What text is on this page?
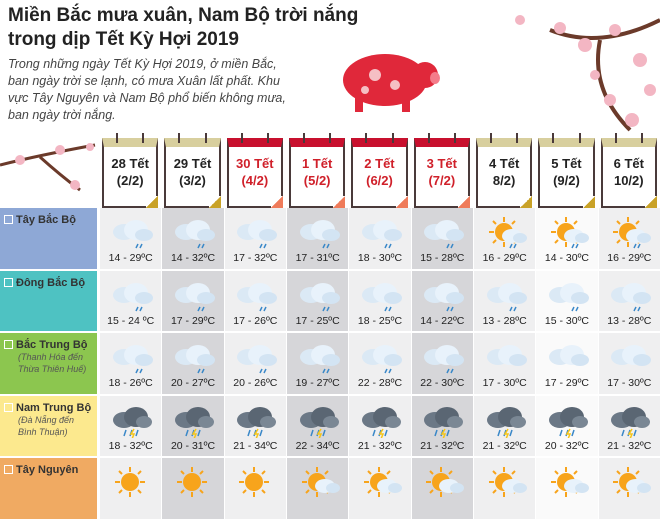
Miền Bắc mưa xuân, Nam Bộ trời nắng trong dịp Tết Kỳ Hợi 2019
Trong những ngày Tết Kỳ Hợi 2019, ở miền Bắc, ban ngày trời se lạnh, có mưa Xuân lất phất. Khu vực Tây Nguyên và Nam Bộ phổ biến không mưa, ban ngày trời nắng.
28 Tết
(2/2)
29 Tết
(3/2)
30 Tết
(4/2)
1 Tết
(5/2)
2 Tết
(6/2)
3 Tết
(7/2)
4 Tết
8/2)
5 Tết
(9/2)
6 Tết
10/2)
Tây Bắc Bộ
14 - 29ºC	14 - 32ºC	17 - 32ºC	17 - 31ºC	18 - 30ºC	15 - 28ºC	16 - 29ºC	14 - 30ºC	16 - 29ºC
Đông Bắc Bộ
15 - 24 ºC	17 - 29ºC	17 - 26ºC	17 - 25ºC	18 - 25ºC	14 - 22ºC	13 - 28ºC	15 - 30ºC	13 - 28ºC
Bắc Trung Bộ
(Thanh Hóa đến Thừa Thiên Huế)
18 - 26ºC	20 - 27ºC	20 - 26ºC	19 - 27ºC	22 - 28ºC	22 - 30ºC	17 - 30ºC	17 - 29ºC	17 - 30ºC
Nam Trung Bộ
(Đà Nẵng đến Bình Thuận)
18 - 32ºC	20 - 31ºC	21 - 34ºC	22 - 34ºC	21 - 32ºC	21 - 32ºC	21 - 32ºC	20 - 32ºC	21 - 32ºC
Tây Nguyên
